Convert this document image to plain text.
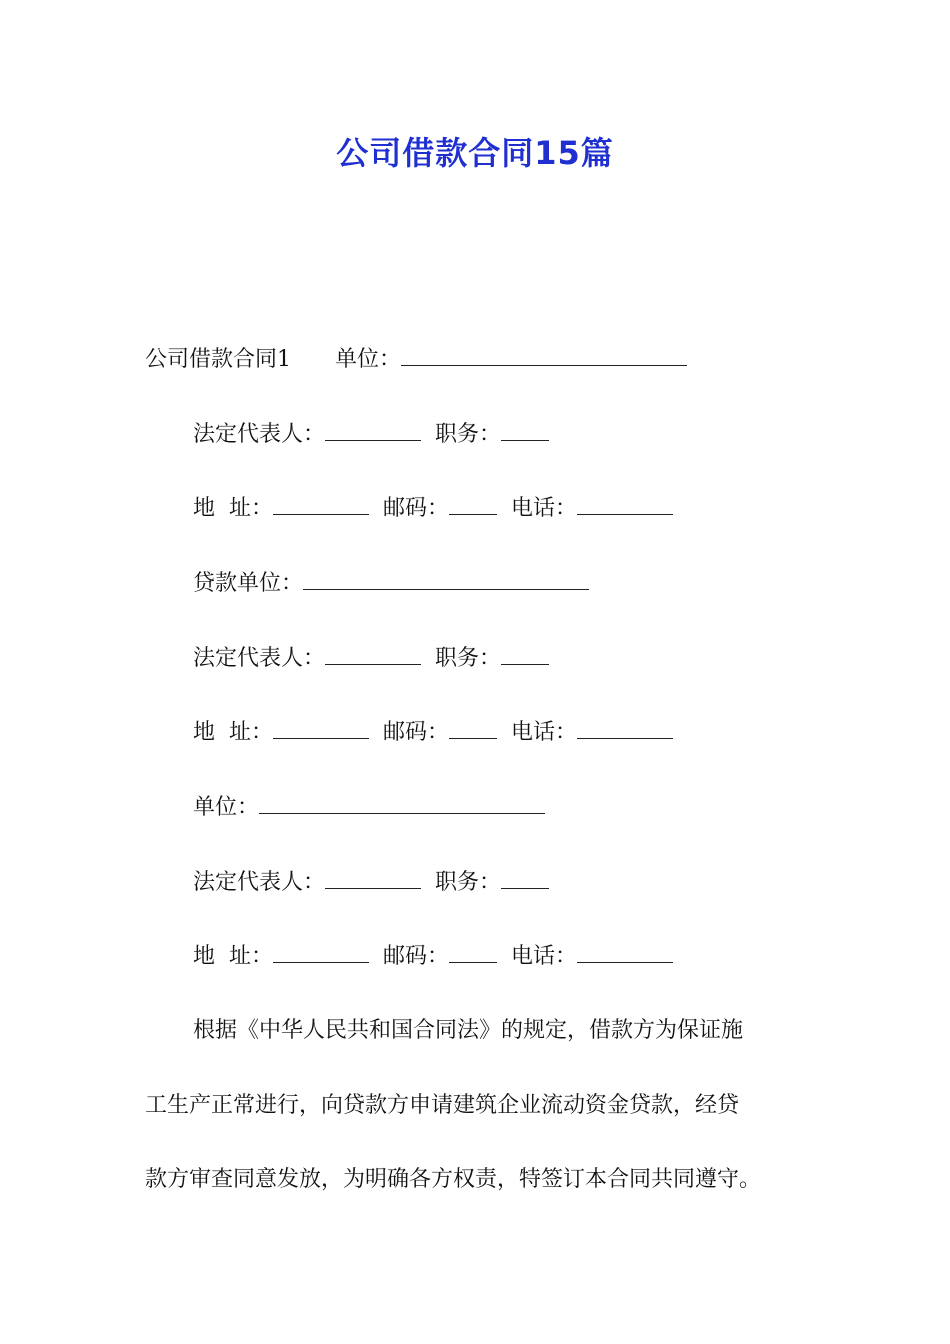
公司借款合同15篇
公司借款合同1 单位：
法定代表人：	职务：
地  址：	邮码：	电话：
贷款单位：
法定代表人：	职务：
地  址：	邮码：	电话：
单位：
法定代表人：	职务：
地  址：	邮码：	电话：
根据《中华人民共和国合同法》的规定，借款方为保证施
工生产正常进行，向贷款方申请建筑企业流动资金贷款，经贷
款方审查同意发放，为明确各方权责，特签订本合同共同遵守。
